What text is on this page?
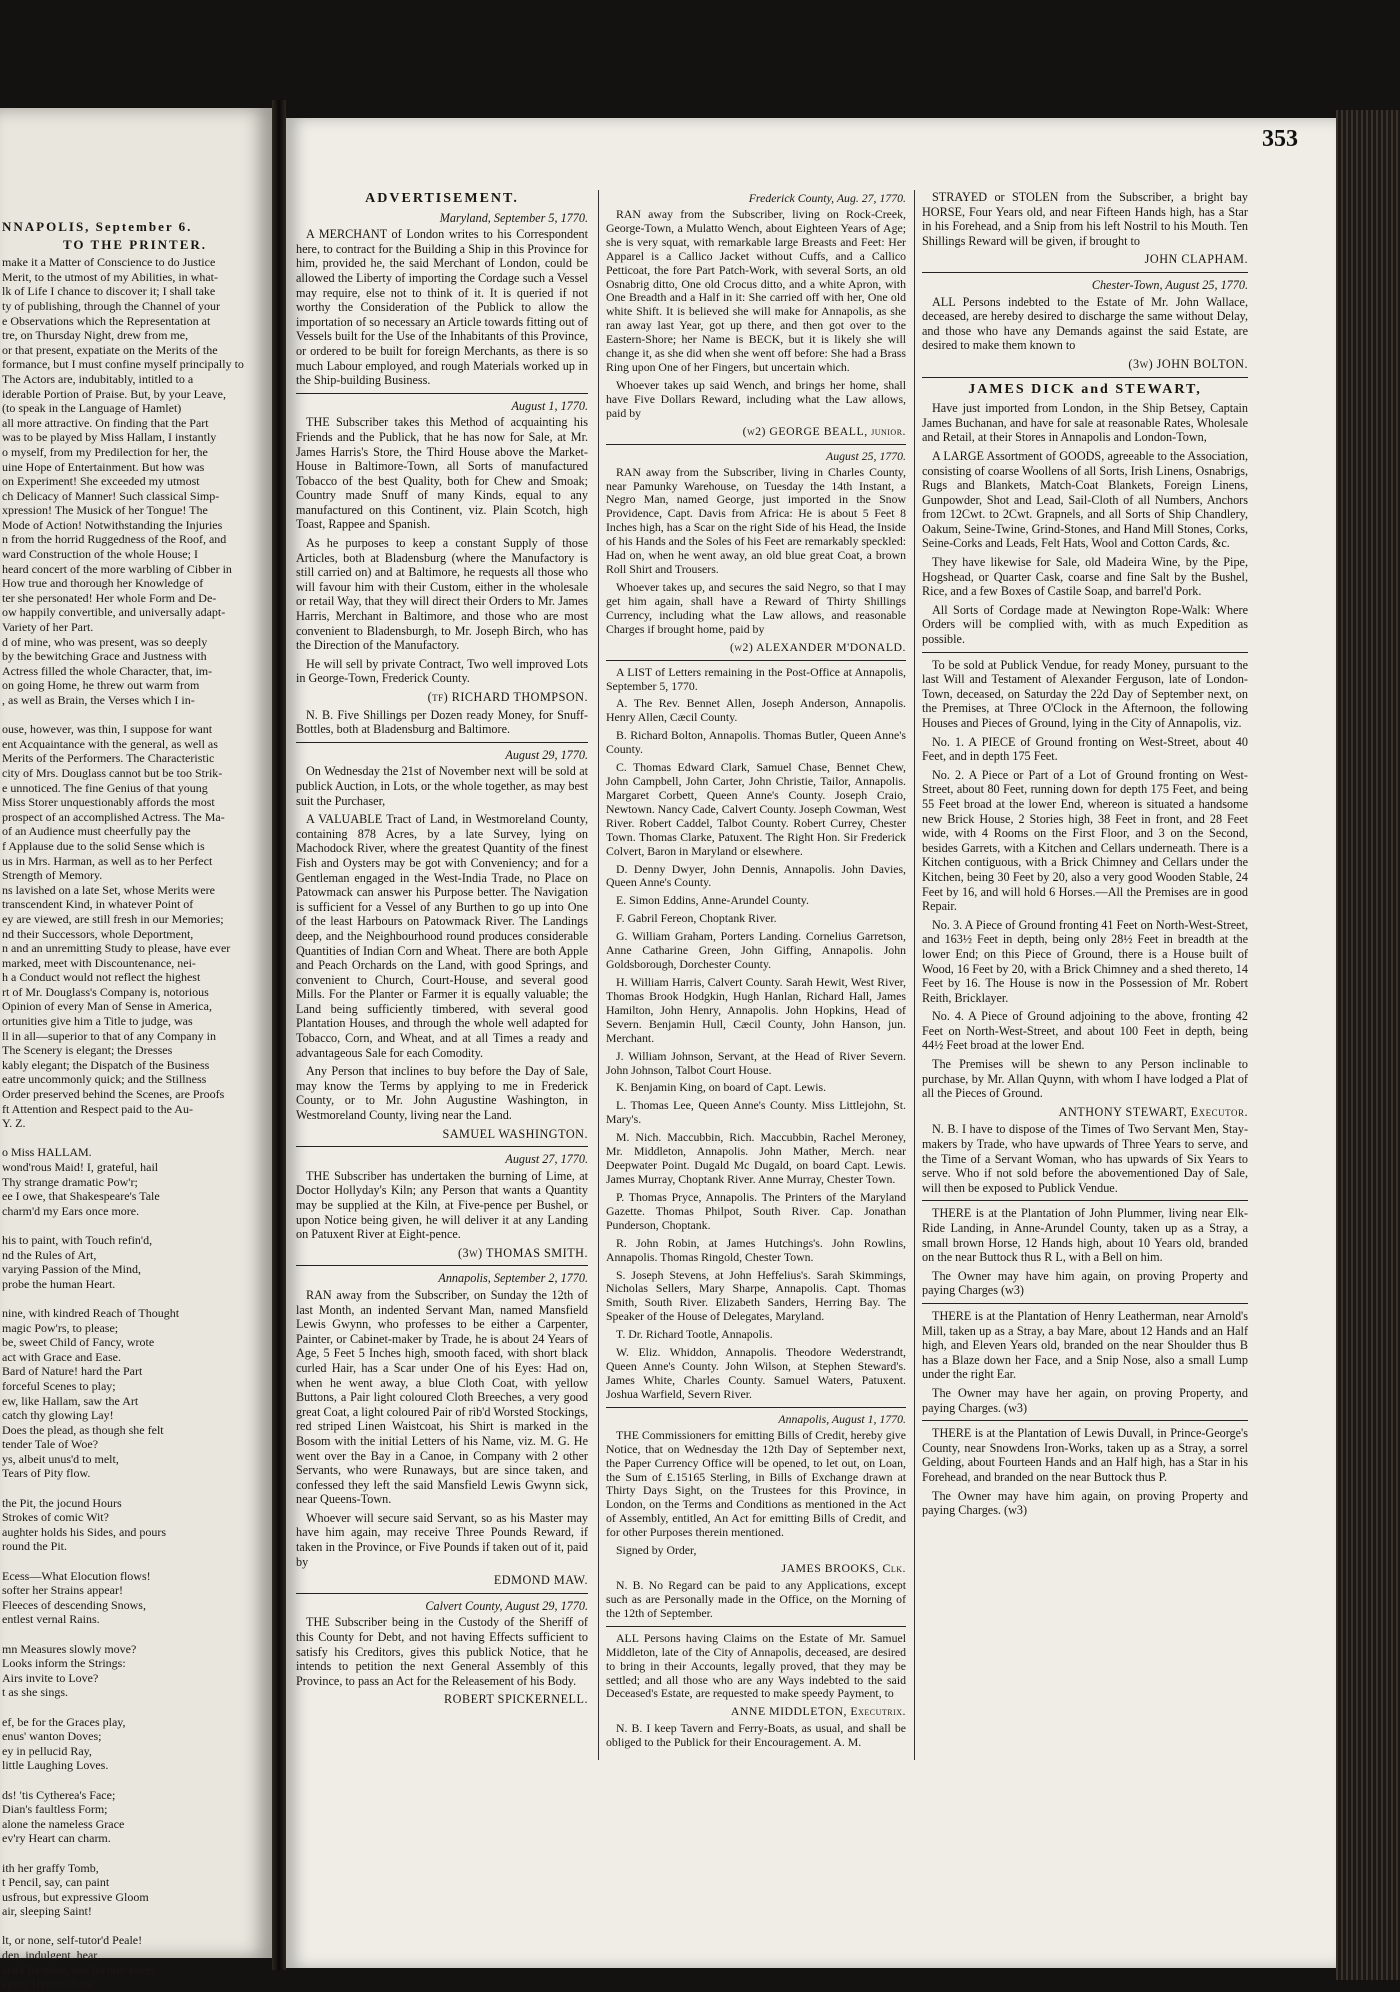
NNAPOLIS, September 6.
TO THE PRINTER.
make it a Matter of Conscience to do Justice
Merit, to the utmost of my Abilities, in what-
lk of Life I chance to discover it; I shall take
ty of publishing, through the Channel of your
e Observations which the Representation at
tre, on Thursday Night, drew from me,
or that present, expatiate on the Merits of the
formance, but I must confine myself principally to
The Actors are, indubitably, intitled to a
iderable Portion of Praise. But, by your Leave,
(to speak in the Language of Hamlet)
all more attractive. On finding that the Part
was to be played by Miss Hallam, I instantly
o myself, from my Predilection for her, the
uine Hope of Entertainment. But how was
on Experiment! She exceeded my utmost
ch Delicacy of Manner! Such classical Simp-
xpression! The Musick of her Tongue! The
Mode of Action! Notwithstanding the Injuries
n from the horrid Ruggedness of the Roof, and
ward Construction of the whole House; I
heard concert of the more warbling of Cibber in
How true and thorough her Knowledge of
ter she personated! Her whole Form and De-
ow happily convertible, and universally adapt-
Variety of her Part.
d of mine, who was present, was so deeply
by the bewitching Grace and Justness with
Actress filled the whole Character, that, im-
on going Home, he threw out warm from
, as well as Brain, the Verses which I in-

ouse, however, was thin, I suppose for want
ent Acquaintance with the general, as well as
Merits of the Performers. The Characteristic
city of Mrs. Douglass cannot but be too Strik-
e unnoticed. The fine Genius of that young
Miss Storer unquestionably affords the most
prospect of an accomplished Actress. The Ma-
of an Audience must cheerfully pay the
f Applause due to the solid Sense which is
us in Mrs. Harman, as well as to her Perfect
Strength of Memory.
ns lavished on a late Set, whose Merits were
transcendent Kind, in whatever Point of
ey are viewed, are still fresh in our Memories;
nd their Successors, whole Deportment,
n and an unremitting Study to please, have ever
marked, meet with Discountenance, nei-
h a Conduct would not reflect the highest
rt of Mr. Douglass's Company is, notorious
Opinion of every Man of Sense in America,
ortunities give him a Title to judge, was
ll in all—superior to that of any Company in
The Scenery is elegant; the Dresses
kably elegant; the Dispatch of the Business
eatre uncommonly quick; and the Stillness
Order preserved behind the Scenes, are Proofs
ft Attention and Respect paid to the Au-
Y. Z.

o Miss HALLAM.
wond'rous Maid! I, grateful, hail
Thy strange dramatic Pow'r;
ee I owe, that Shakespeare's Tale
charm'd my Ears once more.

his to paint, with Touch refin'd,
nd the Rules of Art,
varying Passion of the Mind,
probe the human Heart.

nine, with kindred Reach of Thought
magic Pow'rs, to please;
be, sweet Child of Fancy, wrote
act with Grace and Ease.
Bard of Nature! hard the Part
forceful Scenes to play;
ew, like Hallam, saw the Art
catch thy glowing Lay!
Does the plead, as though she felt
tender Tale of Woe?
ys, albeit unus'd to melt,
Tears of Pity flow.

the Pit, the jocund Hours
Strokes of comic Wit?
aughter holds his Sides, and pours
round the Pit.

Ecess—What Elocution flows!
softer her Strains appear!
Fleeces of descending Snows,
entlest vernal Rains.

mn Measures slowly move?
Looks inform the Strings:
Airs invite to Love?
t as she sings.

ef, be for the Graces play,
enus' wanton Doves;
ey in pellucid Ray,
little Laughing Loves.

ds! 'tis Cytherea's Face;
Dian's faultless Form;
alone the nameless Grace
ev'ry Heart can charm.

ith her graffy Tomb,
t Pencil, say, can paint
usfrous, but expressive Gloom
air, sleeping Saint!

lt, or none, self-tutor'd Peale!
den, indulgent, hear
ard's Request, and let him kneel
eping Hermit there!
353

ADVERTISEMENT.

Maryland, September 5, 1770.

A MERCHANT of London writes to his Correspondent here, to contract for the Building a Ship in this Province for him, provided he, the said Merchant of London, could be allowed the Liberty of importing the Cordage such a Vessel may require, else not to think of it. It is queried if not worthy the Consideration of the Publick to allow the importation of so necessary an Article towards fitting out of Vessels built for the Use of the Inhabitants of this Province, or ordered to be built for foreign Merchants, as there is so much Labour employed, and rough Materials worked up in the Ship-building Business.

August 1, 1770.

THE Subscriber takes this Method of acquainting his Friends and the Publick, that he has now for Sale, at Mr. James Harris's Store, the Third House above the Market-House in Baltimore-Town, all Sorts of manufactured Tobacco of the best Quality, both for Chew and Smoak; Country made Snuff of many Kinds, equal to any manufactured on this Continent, viz. Plain Scotch, high Toast, Rappee and Spanish.

As he purposes to keep a constant Supply of those Articles, both at Bladensburg (where the Manufactory is still carried on) and at Baltimore, he requests all those who will favour him with their Custom, either in the wholesale or retail Way, that they will direct their Orders to Mr. James Harris, Merchant in Baltimore, and those who are most convenient to Bladensburgh, to Mr. Joseph Birch, who has the Direction of the Manufactory.

He will sell by private Contract, Two well improved Lots in George-Town, Frederick County.

(tf) RICHARD THOMPSON.

N. B. Five Shillings per Dozen ready Money, for Snuff-Bottles, both at Bladensburg and Baltimore.

August 29, 1770.

On Wednesday the 21st of November next will be sold at publick Auction, in Lots, or the whole together, as may best suit the Purchaser,

A VALUABLE Tract of Land, in Westmoreland County, containing 878 Acres, by a late Survey, lying on Machodock River, where the greatest Quantity of the finest Fish and Oysters may be got with Conveniency; and for a Gentleman engaged in the West-India Trade, no Place on Patowmack can answer his Purpose better. The Navigation is sufficient for a Vessel of any Burthen to go up into One of the least Harbours on Patowmack River. The Landings deep, and the Neighbourhood round produces considerable Quantities of Indian Corn and Wheat. There are both Apple and Peach Orchards on the Land, with good Springs, and convenient to Church, Court-House, and several good Mills. For the Planter or Farmer it is equally valuable; the Land being sufficiently timbered, with several good Plantation Houses, and through the whole well adapted for Tobacco, Corn, and Wheat, and at all Times a ready and advantageous Sale for each Comodity.

Any Person that inclines to buy before the Day of Sale, may know the Terms by applying to me in Frederick County, or to Mr. John Augustine Washington, in Westmoreland County, living near the Land.

SAMUEL WASHINGTON.

August 27, 1770.

THE Subscriber has undertaken the burning of Lime, at Doctor Hollyday's Kiln; any Person that wants a Quantity may be supplied at the Kiln, at Five-pence per Bushel, or upon Notice being given, he will deliver it at any Landing on Patuxent River at Eight-pence.

(3w) THOMAS SMITH.

Annapolis, September 2, 1770.

RAN away from the Subscriber, on Sunday the 12th of last Month, an indented Servant Man, named Mansfield Lewis Gwynn, who professes to be either a Carpenter, Painter, or Cabinet-maker by Trade, he is about 24 Years of Age, 5 Feet 5 Inches high, smooth faced, with short black curled Hair, has a Scar under One of his Eyes: Had on, when he went away, a blue Cloth Coat, with yellow Buttons, a Pair light coloured Cloth Breeches, a very good great Coat, a light coloured Pair of rib'd Worsted Stockings, red striped Linen Waistcoat, his Shirt is marked in the Bosom with the initial Letters of his Name, viz. M. G. He went over the Bay in a Canoe, in Company with 2 other Servants, who were Runaways, but are since taken, and confessed they left the said Mansfield Lewis Gwynn sick, near Queens-Town.

Whoever will secure said Servant, so as his Master may have him again, may receive Three Pounds Reward, if taken in the Province, or Five Pounds if taken out of it, paid by

EDMOND MAW.

Calvert County, August 29, 1770.

THE Subscriber being in the Custody of the Sheriff of this County for Debt, and not having Effects sufficient to satisfy his Creditors, gives this publick Notice, that he intends to petition the next General Assembly of this Province, to pass an Act for the Releasement of his Body.

ROBERT SPICKERNELL.

Frederick County, Aug. 27, 1770.

RAN away from the Subscriber, living on Rock-Creek, George-Town, a Mulatto Wench, about Eighteen Years of Age; she is very squat, with remarkable large Breasts and Feet: Her Apparel is a Callico Jacket without Cuffs, and a Callico Petticoat, the fore Part Patch-Work, with several Sorts, an old Osnabrig ditto, One old Crocus ditto, and a white Apron, with One Breadth and a Half in it: She carried off with her, One old white Shift. It is believed she will make for Annapolis, as she ran away last Year, got up there, and then got over to the Eastern-Shore; her Name is BECK, but it is likely she will change it, as she did when she went off before: She had a Brass Ring upon One of her Fingers, but uncertain which.

Whoever takes up said Wench, and brings her home, shall have Five Dollars Reward, including what the Law allows, paid by

(w2) GEORGE BEALL, junior.

August 25, 1770.

RAN away from the Subscriber, living in Charles County, near Pamunky Warehouse, on Tuesday the 14th Instant, a Negro Man, named George, just imported in the Snow Providence, Capt. Davis from Africa: He is about 5 Feet 8 Inches high, has a Scar on the right Side of his Head, the Inside of his Hands and the Soles of his Feet are remarkably speckled: Had on, when he went away, an old blue great Coat, a brown Roll Shirt and Trousers.

Whoever takes up, and secures the said Negro, so that I may get him again, shall have a Reward of Thirty Shillings Currency, including what the Law allows, and reasonable Charges if brought home, paid by

(w2) ALEXANDER M'DONALD.

A LIST of Letters remaining in the Post-Office at Annapolis, September 5, 1770.

A. The Rev. Bennet Allen, Joseph Anderson, Annapolis. Henry Allen, Cæcil County.

B. Richard Bolton, Annapolis. Thomas Butler, Queen Anne's County.

C. Thomas Edward Clark, Samuel Chase, Bennet Chew, John Campbell, John Carter, John Christie, Tailor, Annapolis. Margaret Corbett, Queen Anne's County. Joseph Craio, Newtown. Nancy Cade, Calvert County. Joseph Cowman, West River. Robert Caddel, Talbot County. Robert Currey, Chester Town. Thomas Clarke, Patuxent. The Right Hon. Sir Frederick Colvert, Baron in Maryland or elsewhere.

D. Denny Dwyer, John Dennis, Annapolis. John Davies, Queen Anne's County.

E. Simon Eddins, Anne-Arundel County.

F. Gabril Fereon, Choptank River.

G. William Graham, Porters Landing. Cornelius Garretson, Anne Catharine Green, John Giffing, Annapolis. John Goldsborough, Dorchester County.

H. William Harris, Calvert County. Sarah Hewit, West River, Thomas Brook Hodgkin, Hugh Hanlan, Richard Hall, James Hamilton, John Henry, Annapolis. John Hopkins, Head of Severn. Benjamin Hull, Cæcil County, John Hanson, jun. Merchant.

J. William Johnson, Servant, at the Head of River Severn. John Johnson, Talbot Court House.

K. Benjamin King, on board of Capt. Lewis.

L. Thomas Lee, Queen Anne's County. Miss Littlejohn, St. Mary's.

M. Nich. Maccubbin, Rich. Maccubbin, Rachel Meroney, Mr. Middleton, Annapolis. John Mather, Merch. near Deepwater Point. Dugald Mc Dugald, on board Capt. Lewis. James Murray, Choptank River. Anne Murray, Chester Town.

P. Thomas Pryce, Annapolis. The Printers of the Maryland Gazette. Thomas Philpot, South River. Cap. Jonathan Punderson, Choptank.

R. John Robin, at James Hutchings's. John Rowlins, Annapolis. Thomas Ringold, Chester Town.

S. Joseph Stevens, at John Heffelius's. Sarah Skimmings, Nicholas Sellers, Mary Sharpe, Annapolis. Capt. Thomas Smith, South River. Elizabeth Sanders, Herring Bay. The Speaker of the House of Delegates, Maryland.

T. Dr. Richard Tootle, Annapolis.

W. Eliz. Whiddon, Annapolis. Theodore Wederstrandt, Queen Anne's County. John Wilson, at Stephen Steward's. James White, Charles County. Samuel Waters, Patuxent. Joshua Warfield, Severn River.

Annapolis, August 1, 1770.

THE Commissioners for emitting Bills of Credit, hereby give Notice, that on Wednesday the 12th Day of September next, the Paper Currency Office will be opened, to let out, on Loan, the Sum of £.15165 Sterling, in Bills of Exchange drawn at Thirty Days Sight, on the Trustees for this Province, in London, on the Terms and Conditions as mentioned in the Act of Assembly, entitled, An Act for emitting Bills of Credit, and for other Purposes therein mentioned.

Signed by Order,

JAMES BROOKS, Clk.

N. B. No Regard can be paid to any Applications, except such as are Personally made in the Office, on the Morning of the 12th of September.

ALL Persons having Claims on the Estate of Mr. Samuel Middleton, late of the City of Annapolis, deceased, are desired to bring in their Accounts, legally proved, that they may be settled; and all those who are any Ways indebted to the said Deceased's Estate, are requested to make speedy Payment, to

ANNE MIDDLETON, Executrix.

N. B. I keep Tavern and Ferry-Boats, as usual, and shall be obliged to the Publick for their Encouragement. A. M.

STRAYED or STOLEN from the Subscriber, a bright bay HORSE, Four Years old, and near Fifteen Hands high, has a Star in his Forehead, and a Snip from his left Nostril to his Mouth. Ten Shillings Reward will be given, if brought to

JOHN CLAPHAM.

Chester-Town, August 25, 1770.

ALL Persons indebted to the Estate of Mr. John Wallace, deceased, are hereby desired to discharge the same without Delay, and those who have any Demands against the said Estate, are desired to make them known to

(3w) JOHN BOLTON.

JAMES DICK and STEWART,

Have just imported from London, in the Ship Betsey, Captain James Buchanan, and have for sale at reasonable Rates, Wholesale and Retail, at their Stores in Annapolis and London-Town,

A LARGE Assortment of GOODS, agreeable to the Association, consisting of coarse Woollens of all Sorts, Irish Linens, Osnabrigs, Rugs and Blankets, Match-Coat Blankets, Foreign Linens, Gunpowder, Shot and Lead, Sail-Cloth of all Numbers, Anchors from 12Cwt. to 2Cwt. Grapnels, and all Sorts of Ship Chandlery, Oakum, Seine-Twine, Grind-Stones, and Hand Mill Stones, Corks, Seine-Corks and Leads, Felt Hats, Wool and Cotton Cards, &c.

They have likewise for Sale, old Madeira Wine, by the Pipe, Hogshead, or Quarter Cask, coarse and fine Salt by the Bushel, Rice, and a few Boxes of Castile Soap, and barrel'd Pork.

All Sorts of Cordage made at Newington Rope-Walk: Where Orders will be complied with, with as much Expedition as possible.

To be sold at Publick Vendue, for ready Money, pursuant to the last Will and Testament of Alexander Ferguson, late of London-Town, deceased, on Saturday the 22d Day of September next, on the Premises, at Three O'Clock in the Afternoon, the following Houses and Pieces of Ground, lying in the City of Annapolis, viz.

No. 1. A PIECE of Ground fronting on West-Street, about 40 Feet, and in depth 175 Feet.

No. 2. A Piece or Part of a Lot of Ground fronting on West-Street, about 80 Feet, running down for depth 175 Feet, and being 55 Feet broad at the lower End, whereon is situated a handsome new Brick House, 2 Stories high, 38 Feet in front, and 28 Feet wide, with 4 Rooms on the First Floor, and 3 on the Second, besides Garrets, with a Kitchen and Cellars underneath. There is a Kitchen contiguous, with a Brick Chimney and Cellars under the Kitchen, being 30 Feet by 20, also a very good Wooden Stable, 24 Feet by 16, and will hold 6 Horses.—All the Premises are in good Repair.

No. 3. A Piece of Ground fronting 41 Feet on North-West-Street, and 163½ Feet in depth, being only 28½ Feet in breadth at the lower End; on this Piece of Ground, there is a House built of Wood, 16 Feet by 20, with a Brick Chimney and a shed thereto, 14 Feet by 16. The House is now in the Possession of Mr. Robert Reith, Bricklayer.

No. 4. A Piece of Ground adjoining to the above, fronting 42 Feet on North-West-Street, and about 100 Feet in depth, being 44½ Feet broad at the lower End.

The Premises will be shewn to any Person inclinable to purchase, by Mr. Allan Quynn, with whom I have lodged a Plat of all the Pieces of Ground.

ANTHONY STEWART, Executor.

N. B. I have to dispose of the Times of Two Servant Men, Stay-makers by Trade, who have upwards of Three Years to serve, and the Time of a Servant Woman, who has upwards of Six Years to serve. Who if not sold before the abovementioned Day of Sale, will then be exposed to Publick Vendue.

THERE is at the Plantation of John Plummer, living near Elk-Ride Landing, in Anne-Arundel County, taken up as a Stray, a small brown Horse, 12 Hands high, about 10 Years old, branded on the near Buttock thus R L, with a Bell on him.

The Owner may have him again, on proving Property and paying Charges (w3)

THERE is at the Plantation of Henry Leatherman, near Arnold's Mill, taken up as a Stray, a bay Mare, about 12 Hands and an Half high, and Eleven Years old, branded on the near Shoulder thus B has a Blaze down her Face, and a Snip Nose, also a small Lump under the right Ear.

The Owner may have her again, on proving Property, and paying Charges. (w3)

THERE is at the Plantation of Lewis Duvall, in Prince-George's County, near Snowdens Iron-Works, taken up as a Stray, a sorrel Gelding, about Fourteen Hands and an Half high, has a Star in his Forehead, and branded on the near Buttock thus P.

The Owner may have him again, on proving Property and paying Charges. (w3)
